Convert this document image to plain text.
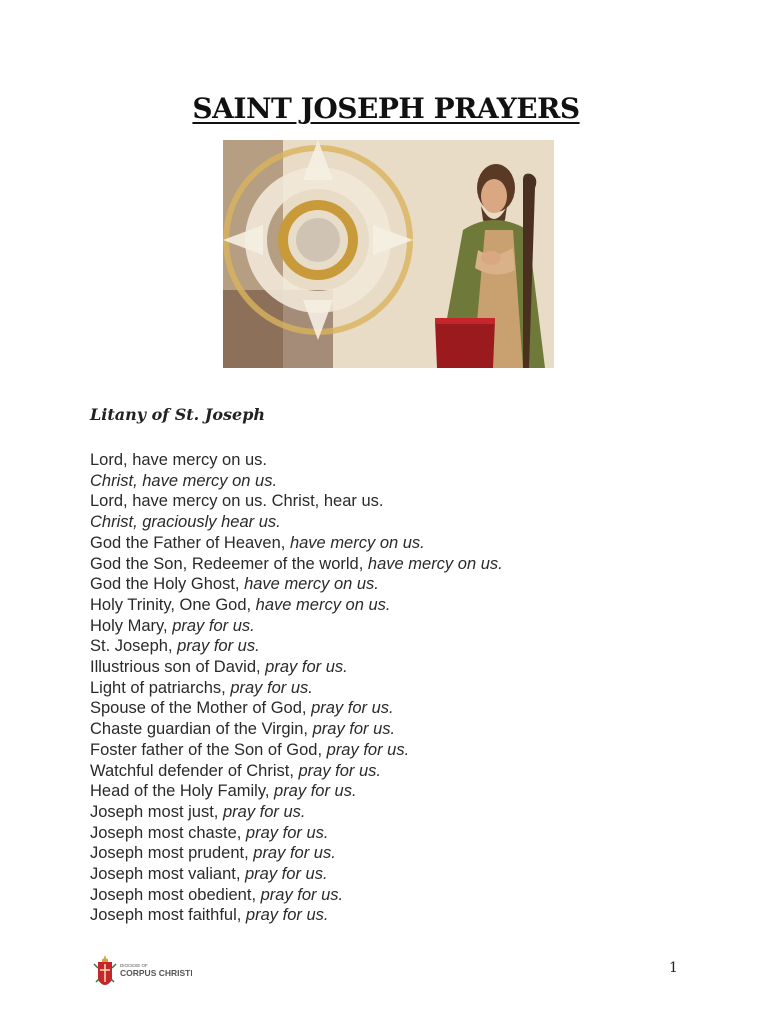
SAINT JOSEPH PRAYERS
Litany of St. Joseph
Lord, have mercy on us.
Christ, have mercy on us.
Lord, have mercy on us. Christ, hear us.
Christ, graciously hear us.
God the Father of Heaven, have mercy on us.
God the Son, Redeemer of the world, have mercy on us.
God the Holy Ghost, have mercy on us.
Holy Trinity, One God, have mercy on us.
Holy Mary, pray for us.
St. Joseph, pray for us.
Illustrious son of David, pray for us.
Light of patriarchs, pray for us.
Spouse of the Mother of God, pray for us.
Chaste guardian of the Virgin, pray for us.
Foster father of the Son of God, pray for us.
Watchful defender of Christ, pray for us.
Head of the Holy Family, pray for us.
Joseph most just, pray for us.
Joseph most chaste, pray for us.
Joseph most prudent, pray for us.
Joseph most valiant, pray for us.
Joseph most obedient, pray for us.
Joseph most faithful, pray for us.
DIOCESE OF
CORPUS CHRISTI	1
